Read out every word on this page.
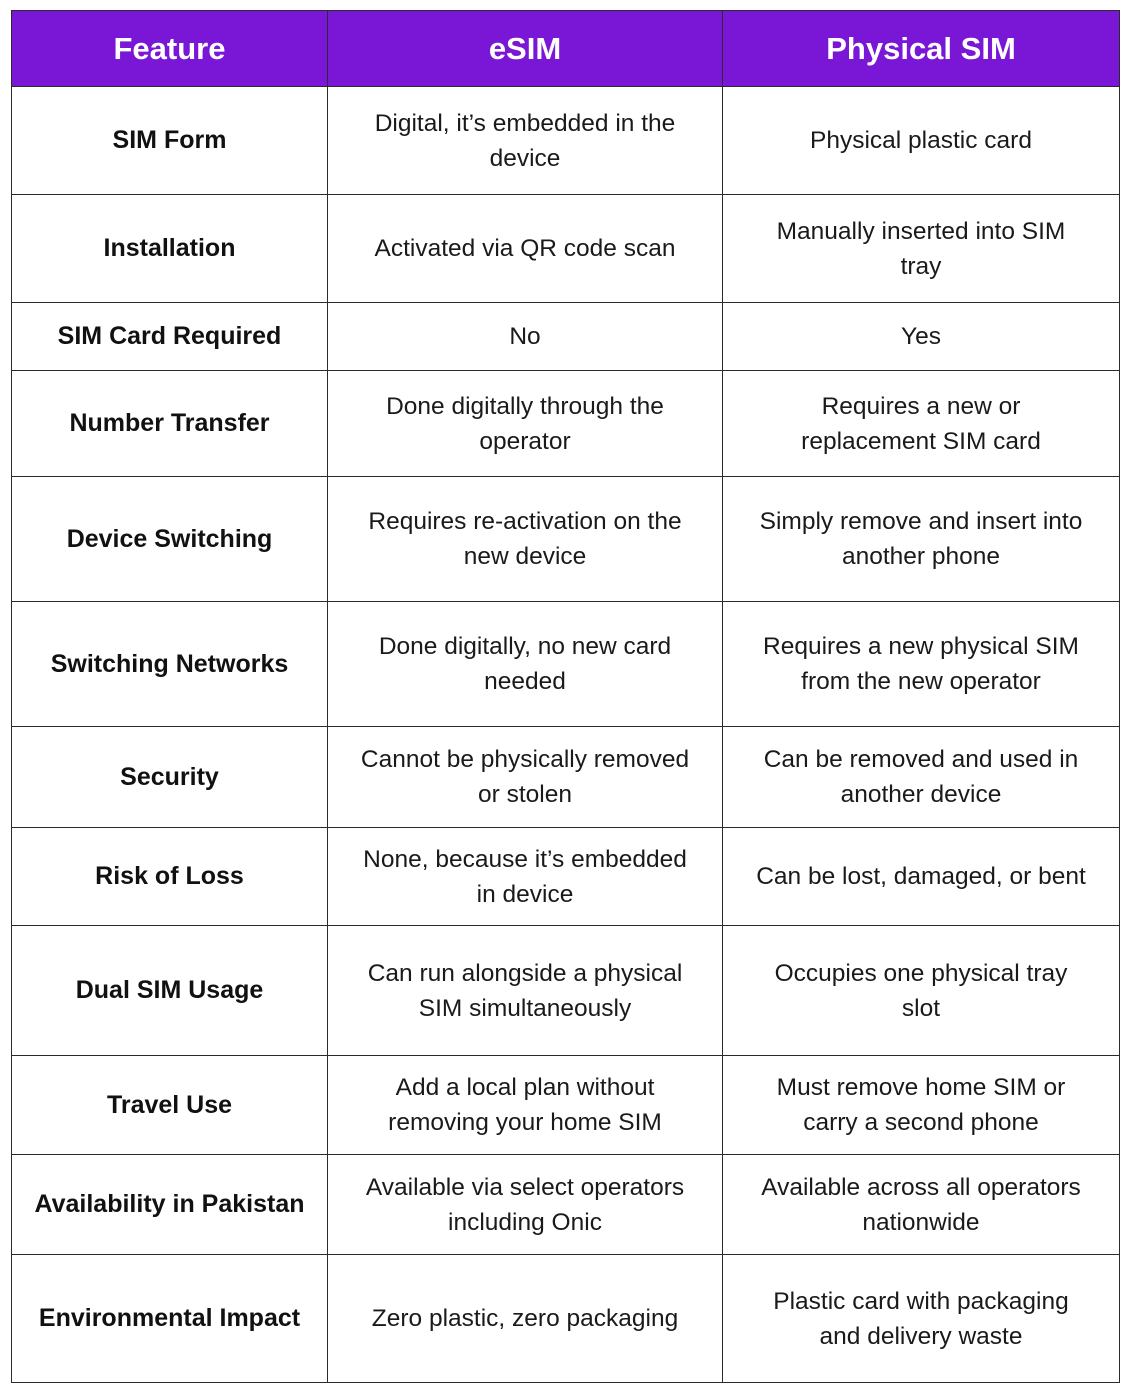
Feature	eSIM	Physical SIM
SIM Form	Digital, it’s embedded in the device	Physical plastic card
Installation	Activated via QR code scan	Manually inserted into SIM tray
SIM Card Required	No	Yes
Number Transfer	Done digitally through the operator	Requires a new or replacement SIM card
Device Switching	Requires re-activation on the new device	Simply remove and insert into another phone
Switching Networks	Done digitally, no new card needed	Requires a new physical SIM from the new operator
Security	Cannot be physically removed or stolen	Can be removed and used in another device
Risk of Loss	None, because it’s embedded in device	Can be lost, damaged, or bent
Dual SIM Usage	Can run alongside a physical SIM simultaneously	Occupies one physical tray slot
Travel Use	Add a local plan without removing your home SIM	Must remove home SIM or carry a second phone
Availability in Pakistan	Available via select operators including Onic	Available across all operators nationwide
Environmental Impact	Zero plastic, zero packaging	Plastic card with packaging and delivery waste
